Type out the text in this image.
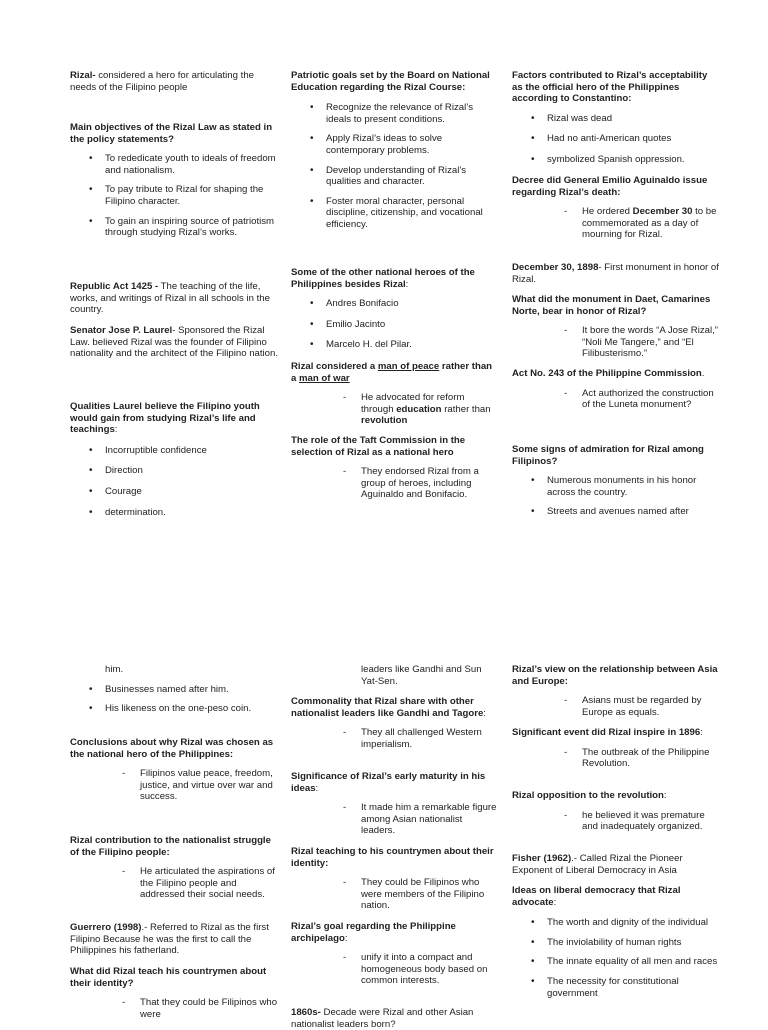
Rizal- considered a hero for articulating the needs of the Filipino people

Main objectives of the Rizal Law as stated in the policy statements?

• To rededicate youth to ideals of freedom and nationalism.
• To pay tribute to Rizal for shaping the Filipino character.
• To gain an inspiring source of patriotism through studying Rizal’s works.

Republic Act 1425 - The teaching of the life, works, and writings of Rizal in all schools in the country.

Senator Jose P. Laurel- Sponsored the Rizal Law. believed Rizal was the founder of Filipino nationality and the architect of the Filipino nation.

Qualities Laurel believe the Filipino youth would gain from studying Rizal’s life and teachings:

• Incorruptible confidence
• Direction
• Courage
• determination.

Patriotic goals set by the Board on National Education regarding the Rizal Course:

• Recognize the relevance of Rizal’s ideals to present conditions.
• Apply Rizal’s ideas to solve contemporary problems.
• Develop understanding of Rizal’s qualities and character.
• Foster moral character, personal discipline, citizenship, and vocational efficiency.

Some of the other national heroes of the Philippines besides Rizal:

• Andres Bonifacio
• Emilio Jacinto
• Marcelo H. del Pilar.

Rizal considered a man of peace rather than a man of war

- He advocated for reform through education rather than revolution

The role of the Taft Commission in the selection of Rizal as a national hero

- They endorsed Rizal from a group of heroes, including Aguinaldo and Bonifacio.

Factors contributed to Rizal’s acceptability as the official hero of the Philippines according to Constantino:

• Rizal was dead
• Had no anti-American quotes
• symbolized Spanish oppression.

Decree did General Emilio Aguinaldo issue regarding Rizal’s death:

- He ordered December 30 to be commemorated as a day of mourning for Rizal.

December 30, 1898- First monument in honor of Rizal.

What did the monument in Daet, Camarines Norte, bear in honor of Rizal?

- It bore the words “A Jose Rizal,” “Noli Me Tangere,” and “El Filibusterismo.”

Act No. 243 of the Philippine Commission.

- Act authorized the construction of the Luneta monument?

Some signs of admiration for Rizal among Filipinos?

• Numerous monuments in his honor across the country.
• Streets and avenues named after

him.

• Businesses named after him.
• His likeness on the one-peso coin.

Conclusions about why Rizal was chosen as the national hero of the Philippines:

- Filipinos value peace, freedom, justice, and virtue over war and success.

Rizal contribution to the nationalist struggle of the Filipino people:

- He articulated the aspirations of the Filipino people and addressed their social needs.

Guerrero (1998).- Referred to Rizal as the first Filipino Because he was the first to call the Philippines his fatherland.

What did Rizal teach his countrymen about their identity?

- That they could be Filipinos who were

leaders like Gandhi and Sun Yat-Sen.

Commonality that Rizal share with other nationalist leaders like Gandhi and Tagore:

- They all challenged Western imperialism.

Significance of Rizal’s early maturity in his ideas:

- It made him a remarkable figure among Asian nationalist leaders.

Rizal teaching to his countrymen about their identity:

- They could be Filipinos who were members of the Filipino nation.

Rizal’s goal regarding the Philippine archipelago:

- unify it into a compact and homogeneous body based on common interests.

1860s- Decade were Rizal and other Asian nationalist leaders born?

Rizal’s view on the relationship between Asia and Europe:

- Asians must be regarded by Europe as equals.

Significant event did Rizal inspire in 1896:

- The outbreak of the Philippine Revolution.

Rizal opposition to the revolution:

- he believed it was premature and inadequately organized.

Fisher (1962).- Called Rizal the Pioneer Exponent of Liberal Democracy in Asia

Ideas on liberal democracy that Rizal advocate:

• The worth and dignity of the individual
• The inviolability of human rights
• The innate equality of all men and races
• The necessity for constitutional government
